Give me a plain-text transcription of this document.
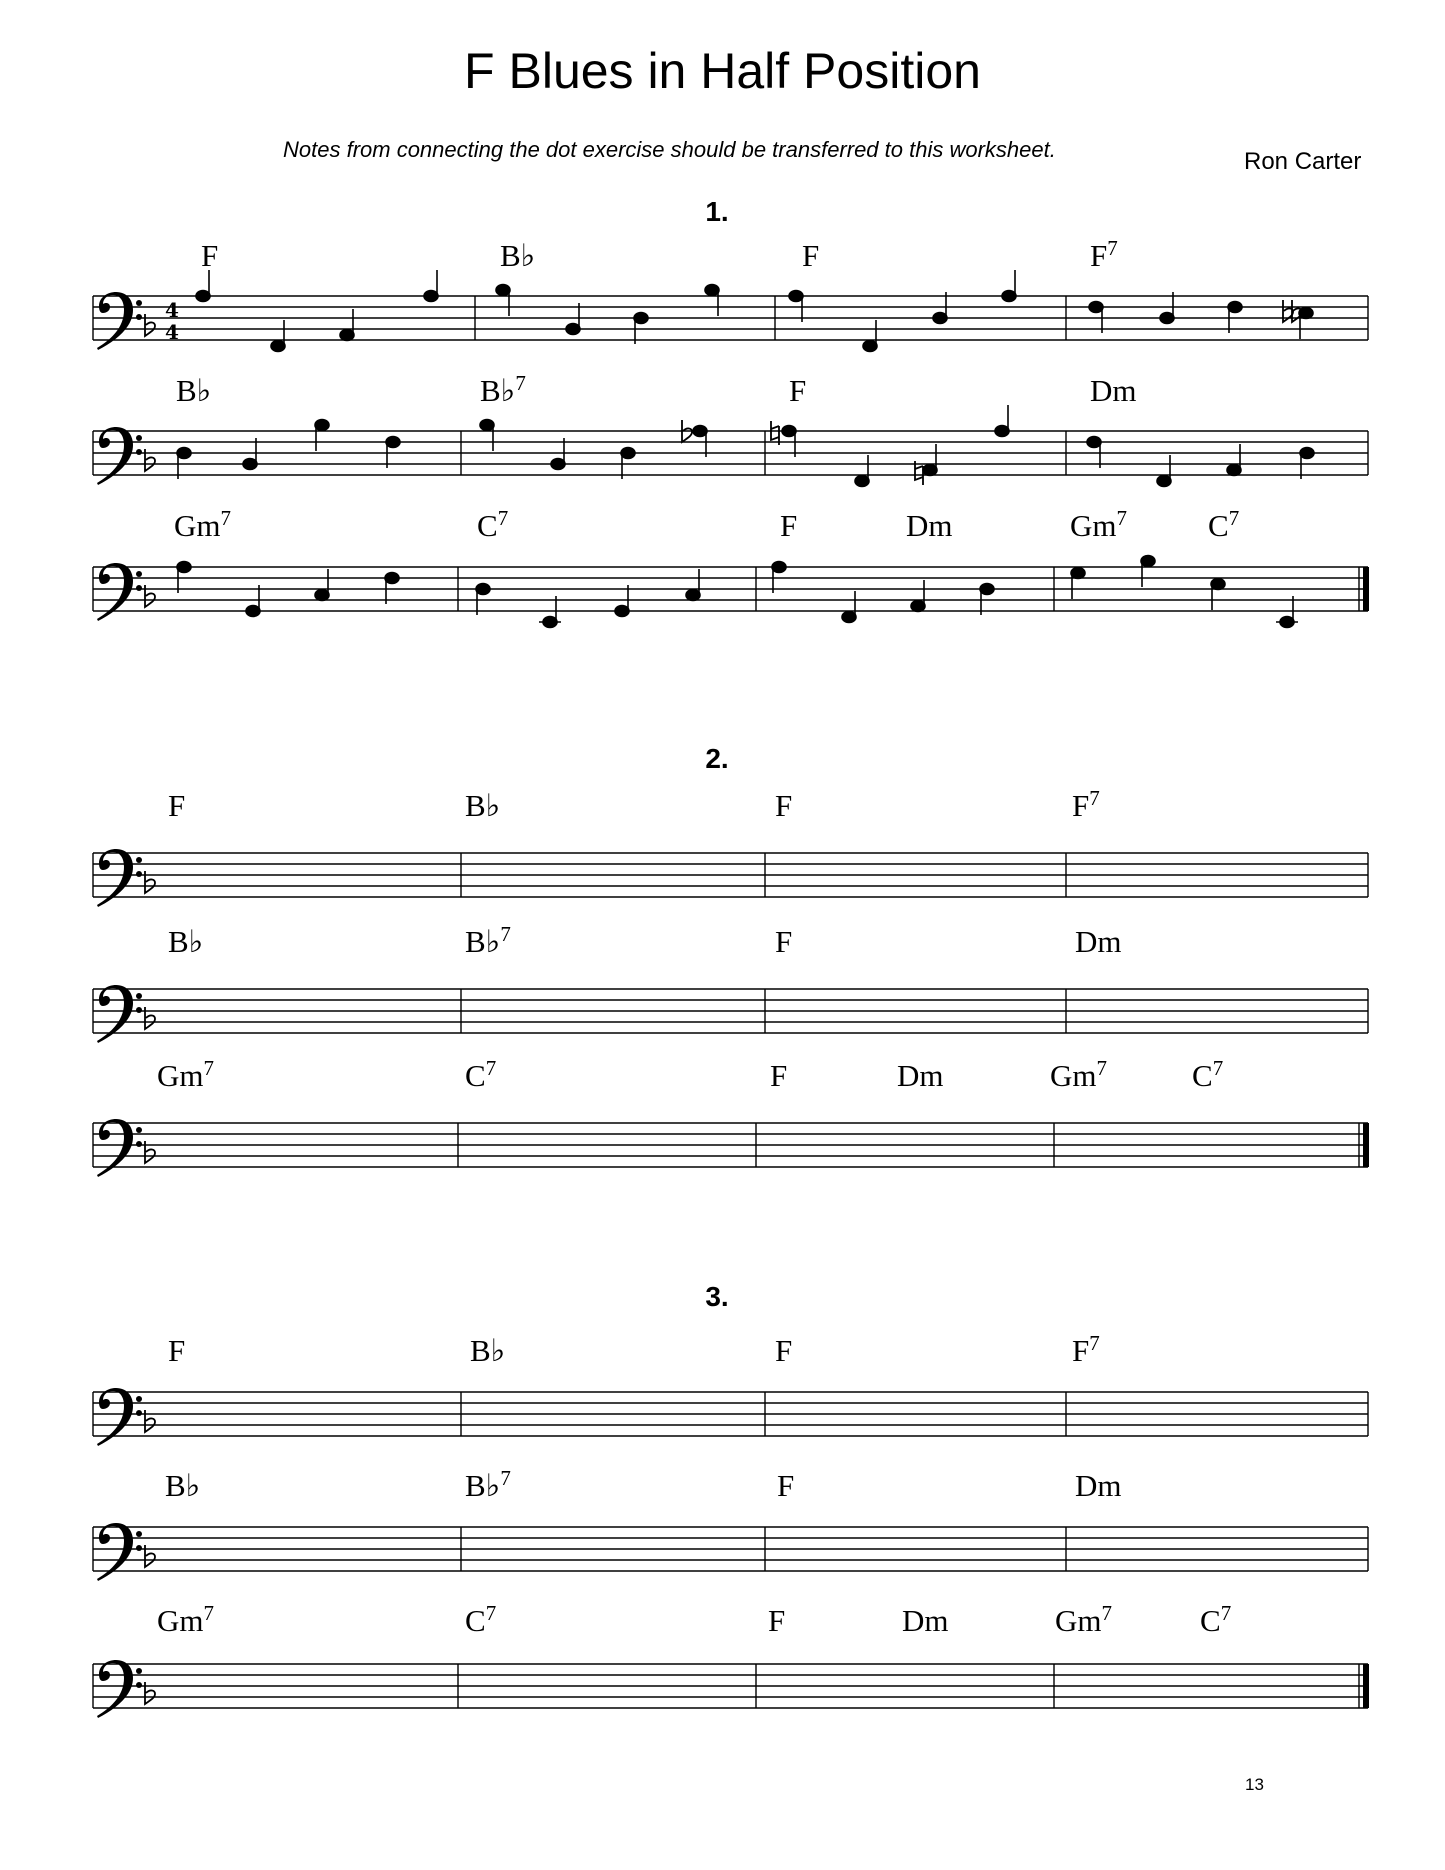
F Blues in Half Position
Notes from connecting the dot exercise should be transferred to this worksheet.	Ron Carter
1.
2.
3.
F	B♭	F	$F^7$
B♭	B♭$^7$	F	Dm
Gm$^7$	$C^7$	F	Dm	Gm$^7$	$C^7$
F	B♭	F	$F^7$
B♭	B♭$^7$	F	Dm
Gm$^7$	$C^7$	F	Dm	Gm$^7$	$C^7$
F	B♭	F	$F^7$
B♭	B♭$^7$	F	Dm
Gm$^7$	$C^7$	F	Dm	Gm$^7$	$C^7$
13
4
4
